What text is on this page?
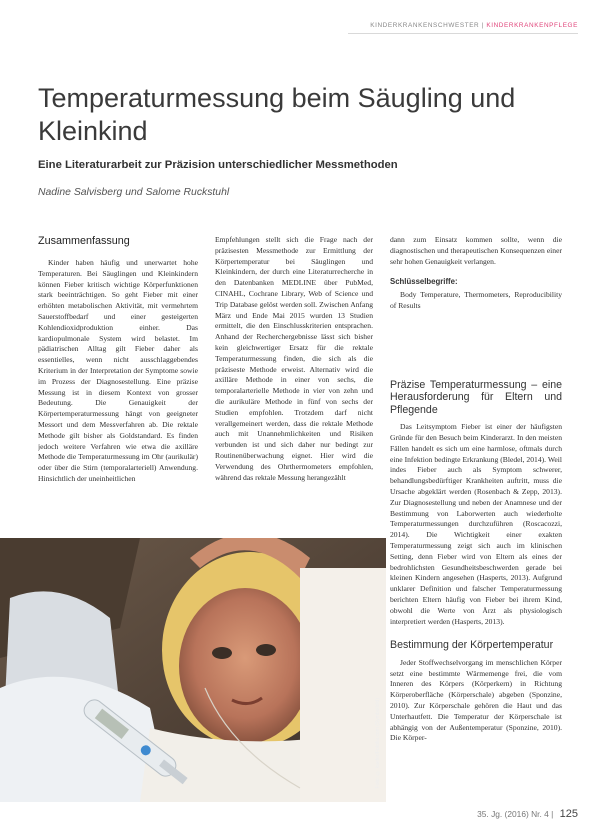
KINDERKRANKENSCHWESTER | KINDERKRANKENPFLEGE
Temperaturmessung beim Säugling und Kleinkind
Eine Literaturarbeit zur Präzision unterschiedlicher Messmethoden
Nadine Salvisberg und Salome Ruckstuhl
Zusammenfassung

Kinder haben häufig und unerwartet hohe Temperaturen. Bei Säuglingen und Kleinkindern können Fieber kritisch wichtige Körperfunktionen stark beeinträchtigen. So geht Fieber mit einer erhöhten metabolischen Aktivität, mit vermehrtem Sauerstoffbedarf und einer gesteigerten Kohlendioxidproduktion einher. Das kardiopulmonale System wird belastet. Im pädiatrischen Alltag gilt Fieber daher als essentielles, wenn nicht ausschlaggebendes Kriterium in der Interpretation der Symptome sowie im Prozess der Diagnosestellung. Eine präzise Messung ist in diesem Kontext von grosser Bedeutung. Die Genauigkeit der Körpertemperaturmessung hängt von geeigneter Messort und dem Messverfahren ab. Die rektale Methode gilt bisher als Goldstandard. Es finden jedoch weitere Verfahren wie etwa die axilläre Methode die Temperaturmessung im Ohr (aurikulär) oder über die Stirn (temporalarteriell) Anwendung. Hinsichtlich der uneinheitlichen

Empfehlungen stellt sich die Frage nach der präzisesten Messmethode zur Ermittlung der Körpertemperatur bei Säuglingen und Kleinkindern, der durch eine Literaturrecherche in den Datenbanken MEDLINE über PubMed, CINAHL, Cochrane Library, Web of Science und Trip Database gelöst werden soll. Zwischen Anfang März und Ende Mai 2015 wurden 13 Studien ermittelt, die den Einschlusskriterien entsprachen. Anhand der Recherchergebnisse lässt sich bisher kein gleichwertiger Ersatz für die rektale Temperaturmessung finden, die sich als die präziseste Methode erweist. Alternativ wird die axilläre Methode in einer von sechs, die temporalarterielle Methode in vier von zehn und die aurikuläre Methode in fünf von sechs der Studien empfohlen. Trotzdem darf nicht verallgemeinert werden, dass die rektale Methode auch mit Unannehmlichkeiten und Risiken verbunden ist und sich daher nur bedingt zur Routinenüberwachung eignet. Hier wird die Verwendung des Ohrthermometers empfohlen, während das rektale Messung herangezählt

dann zum Einsatz kommen sollte, wenn die diagnostischen und therapeutischen Konsequenzen einer sehr hohen Genauigkeit verlangen.

Schlüsselbegriffe:

Body Temperature, Thermometers, Reproducibility of Results

Präzise Temperaturmessung – eine Herausforderung für Eltern und Pflegende

Das Leitsymptom Fieber ist einer der häufigsten Gründe für den Besuch beim Kinderarzt. In den meisten Fällen handelt es sich um eine harmlose, oftmals durch eine Infektion bedingte Erkrankung (Bledel, 2014). Weil indes Fieber auch als Symptom schwerer, behandlungsbedürftiger Krankheiten auftritt, muss die Ursache abgeklärt werden (Rosenbach & Zepp, 2013). Zur Diagnosestellung und neben der Anamnese und der Bestimmung von Laborwerten auch wiederholte Temperaturmessungen durchzuführen (Roscacozzi, 2014). Die Wichtigkeit einer exakten Temperaturmessung zeigt sich auch im klinischen Setting, denn Fieber wird von Eltern als eines der bedrohlichsten Gesundheitsbeschwerden gerade bei kleinen Kindern angesehen (Hasperts, 2013). Aufgrund unklarer Definition und falscher Temperaturmessung berichten Eltern häufig von Fieber bei ihrem Kind, obwohl die Werte von Ärzt als physiologisch interpretiert werden (Hasperts, 2013).

Bestimmung der Körpertemperatur

Jeder Stoffwechselvorgang im menschlichen Körper setzt eine bestimmte Wärmemenge frei, die vom Inneren des Körpers (Körperkern) in Richtung Körperoberfläche (Körperschale) abgeben (Sponzine, 2010). Zur Körperschale gehören die Haut und das Unterhautfett. Die Temperatur der Körperschale ist abhängig von der Außentemperatur (Sponzine, 2010). Die Körper-

Foto: © kaefer/Fotolia.com (Symbolbild)
35. Jg. (2016) Nr. 4 | 125
